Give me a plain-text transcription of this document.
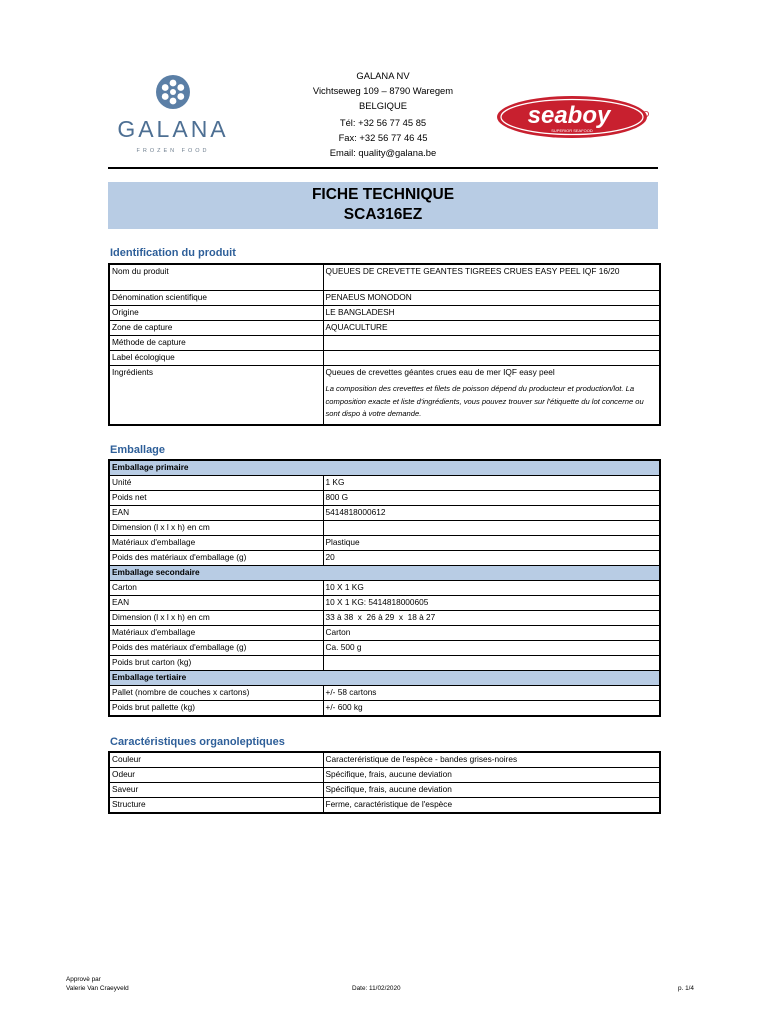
GALANA
FROZEN FOOD
GALANA NV
Vichtseweg 109 – 8790 Waregem
BELGIQUE
Tél: +32 56 77 45 85
Fax: +32 56 77 46 45
Email: quality@galana.be
seaboy
SUPERIOR SEAFOOD
FICHE TECHNIQUE
SCA316EZ
Identification du produit
Nom du produit	QUEUES DE CREVETTE GEANTES TIGREES CRUES EASY PEEL IQF 16/20
Dénomination scientifique	PENAEUS MONODON
Origine	LE BANGLADESH
Zone de capture	AQUACULTURE
Méthode de capture	
Label écologique	
Ingrédients	Queues de crevettes géantes crues eau de mer IQF easy peel
La composition des crevettes et filets de poisson dépend du producteur et production/lot. La composition exacte et liste d'ingrédients, vous pouvez trouver sur l'étiquette du lot concerne ou sont dispo à votre demande.
Emballage
Emballage primaire	
Unité	1 KG
Poids net	800 G
EAN	5414818000612
Dimension (l x l x h) en cm	
Matériaux d'emballage	Plastique
Poids des matériaux d'emballage (g)	20
Emballage secondaire	
Carton	10 X 1 KG
EAN	10 X 1 KG: 5414818000605
Dimension (l x l x h) en cm	33 à 38  x  26 à 29  x  18 à 27
Matériaux d'emballage	Carton
Poids des matériaux d'emballage (g)	Ca. 500 g
Poids brut carton (kg)	
Emballage tertiaire	
Pallet (nombre de couches x cartons)	+/- 58 cartons
Poids brut pallette (kg)	+/- 600 kg
Caractéristiques organoleptiques
Couleur	Caracteréristique de l'espèce - bandes grises-noires
Odeur	Spécifique, frais, aucune deviation
Saveur	Spécifique, frais, aucune deviation
Structure	Ferme, caractéristique de l'espèce
Approvè par
Valerie Van Craeyveld	Date: 11/02/2020	p. 1/4
